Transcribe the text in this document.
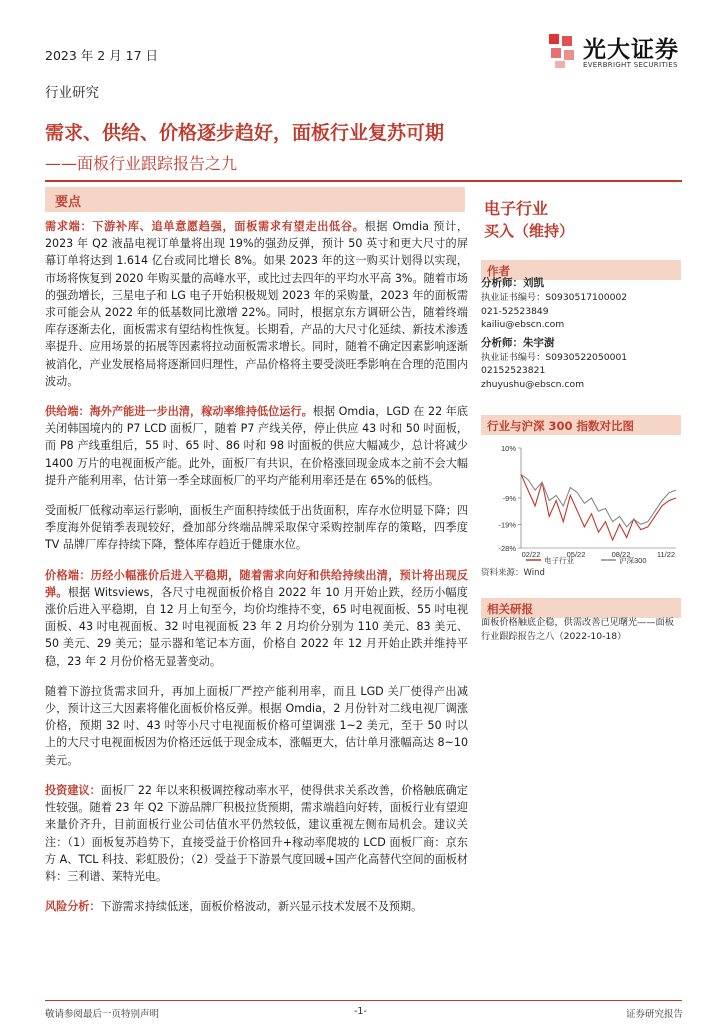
2023 年 2 月 17 日	光大证券
EVERBRIGHT SECURITIES
行业研究
需求、供给、价格逐步趋好，面板行业复苏可期
——面板行业跟踪报告之九
要点

需求端：下游补库、追单意愿趋强，面板需求有望走出低谷。根据 Omdia 预计，2023 年 Q2 液晶电视订单量将出现 19%的强劲反弹，预计 50 英寸和更大尺寸的屏幕订单将达到 1.614 亿台或同比增长 8%。如果 2023 年的这一购买计划得以实现，市场将恢复到 2020 年购买量的高峰水平，或比过去四年的平均水平高 3%。随着市场的强劲增长，三星电子和 LG 电子开始积极规划 2023 年的采购量，2023 年的面板需求可能会从 2022 年的低基数同比激增 22%。同时，根据京东方调研公告，随着终端库存逐渐去化，面板需求有望结构性恢复。长期看，产品的大尺寸化延续、新技术渗透率提升、应用场景的拓展等因素将拉动面板需求增长。同时，随着不确定因素影响逐渐被消化，产业发展格局将逐渐回归理性，产品价格将主要受淡旺季影响在合理的范围内波动。

供给端：海外产能进一步出清，稼动率维持低位运行。根据 Omdia，LGD 在 22 年底关闭韩国境内的 P7 LCD 面板厂，随着 P7 产线关停，停止供应 43 吋和 50 吋面板，而 P8 产线重组后，55 吋、65 吋、86 吋和 98 吋面板的供应大幅减少，总计将减少 1400 万片的电视面板产能。此外，面板厂有共识，在价格涨回现金成本之前不会大幅提升产能利用率，估计第一季全球面板厂的平均产能利用率还是在 65%的低档。

受面板厂低稼动率运行影响，面板生产面积持续低于出货面积，库存水位明显下降；四季度海外促销季表现较好，叠加部分终端品牌采取保守采购控制库存的策略，四季度 TV 品牌厂库存持续下降，整体库存趋近于健康水位。

价格端：历经小幅涨价后进入平稳期，随着需求向好和供给持续出清，预计将出现反弹。根据 Witsviews，各尺寸电视面板价格自 2022 年 10 月开始止跌，经历小幅度涨价后进入平稳期，自 12 月上旬至今，均价均维持不变，65 吋电视面板、55 吋电视面板、43 吋电视面板、32 吋电视面板 23 年 2 月均价分别为 110 美元、83 美元、50 美元、29 美元；显示器和笔记本方面，价格自 2022 年 12 月开始止跌并维持平稳，23 年 2 月份价格无显著变动。

随着下游拉货需求回升，再加上面板厂严控产能利用率，而且 LGD 关厂使得产出减少，预计这三大因素将催化面板价格反弹。根据 Omdia，2 月份针对二线电视厂调涨价格，预期 32 吋、43 吋等小尺寸电视面板价格可望调涨 1~2 美元，至于 50 吋以上的大尺寸电视面板因为价格还远低于现金成本，涨幅更大，估计单月涨幅高达 8~10 美元。

投资建议：面板厂 22 年以来积极调控稼动率水平，使得供求关系改善，价格触底确定性较强。随着 23 年 Q2 下游品牌厂积极拉货预期，需求端趋向好转，面板行业有望迎来量价齐升，目前面板行业公司估值水平仍然较低，建议重视左侧布局机会。建议关注：（1）面板复苏趋势下，直接受益于价格回升+稼动率爬坡的 LCD 面板厂商：京东方 A、TCL 科技、彩虹股份；（2）受益于下游景气度回暖+国产化高替代空间的面板材料：三利谱、莱特光电。

风险分析：下游需求持续低迷，面板价格波动，新兴显示技术发展不及预期。

电子行业
买入（维持）
作者
分析师：刘凯
执业证书编号：S0930517100002
021-52523849
kailiu@ebscn.com
分析师：朱宇澍
执业证书编号：S0930522050001
02152523821
zhuyushu@ebscn.com
行业与沪深 300 指数对比图
10%
-9%
-19%
-28%
02/22	05/22	08/22	11/22
电子行业	沪深300
资料来源：Wind
相关研报
面板价格触底企稳，供需改善已见曙光——面板行业跟踪报告之八（2022-10-18）
敬请参阅最后一页特别声明	-1-	证券研究报告
